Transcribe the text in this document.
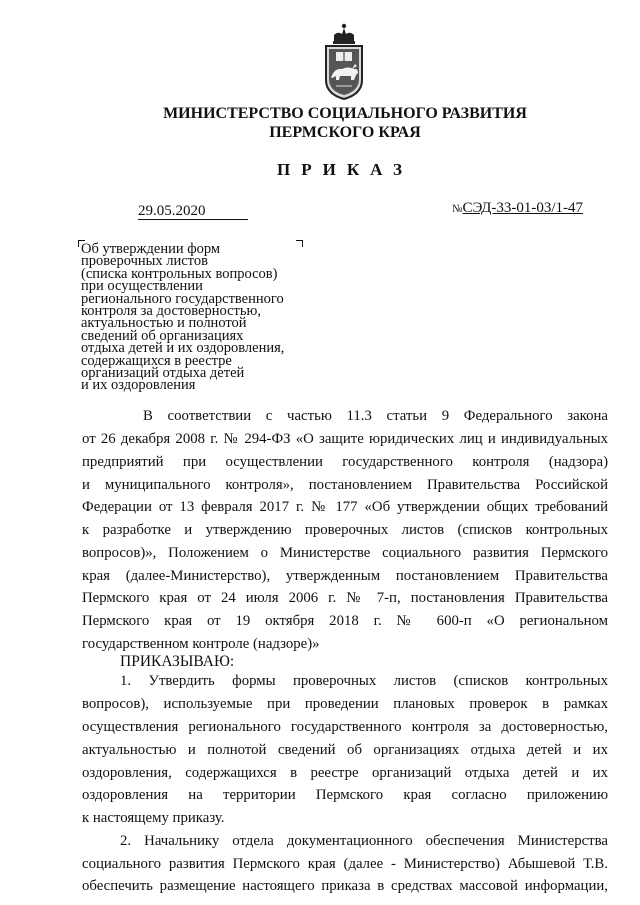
МИНИСТЕРСТВО СОЦИАЛЬНОГО РАЗВИТИЯ
ПЕРМСКОГО КРАЯ
ПРИКАЗ
29.05.2020	№СЭД-33-01-03/1-47
Об утверждении форм
проверочных листов
(списка контрольных вопросов)
при осуществлении
регионального государственного
контроля за достоверностью,
актуальностью и полнотой
сведений об организациях
отдыха детей и их оздоровления,
содержащихся в реестре
организаций отдыха детей
и их оздоровления
В соответствии с частью 11.3 статьи 9 Федерального закона
от 26 декабря 2008 г. № 294-ФЗ «О защите юридических лиц и индивидуальных
предприятий при осуществлении государственного контроля (надзора)
и муниципального контроля», постановлением Правительства Российской
Федерации от 13 февраля 2017 г. № 177 «Об утверждении общих требований
к разработке и утверждению проверочных листов (списков контрольных
вопросов)», Положением о Министерстве социального развития Пермского
края (далее-Министерство), утвержденным постановлением Правительства
Пермского края от 24 июля 2006 г. № 7-п, постановления Правительства
Пермского края от 19 октября 2018 г. № 600-п «О региональном
государственном контроле (надзоре)»
ПРИКАЗЫВАЮ:
1. Утвердить формы проверочных листов (списков контрольных
вопросов), используемые при проведении плановых проверок в рамках
осуществления регионального государственного контроля за достоверностью,
актуальностью и полнотой сведений об организациях отдыха детей и их
оздоровления, содержащихся в реестре организаций отдыха детей и их
оздоровления на территории Пермского края согласно приложению
к настоящему приказу.
2. Начальнику отдела документационного обеспечения Министерства
социального развития Пермского края (далее - Министерство) Абышевой Т.В.
обеспечить размещение настоящего приказа в средствах массовой информации,
